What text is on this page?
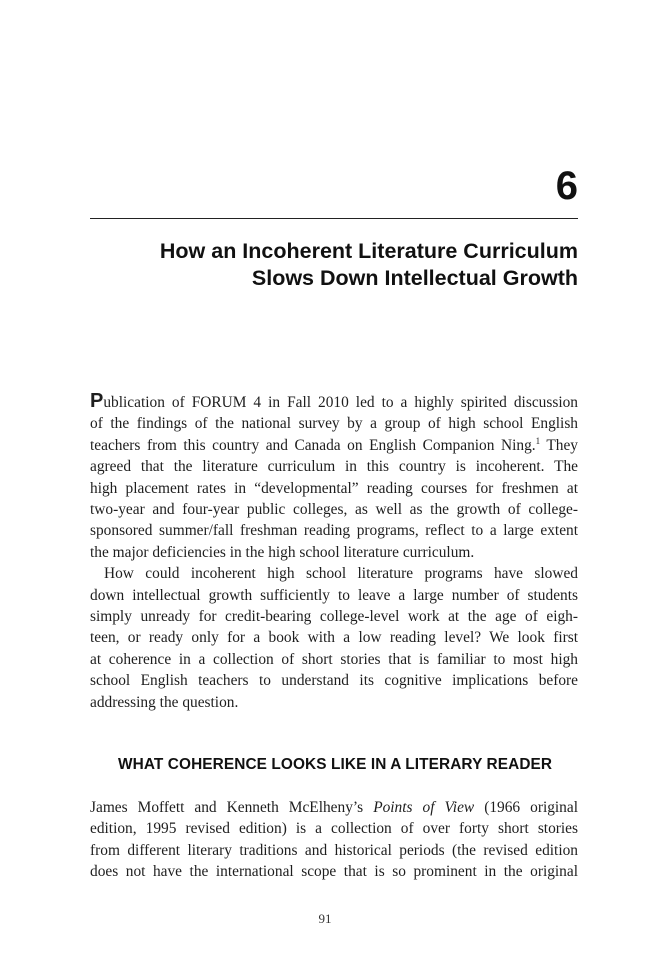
6
How an Incoherent Literature Curriculum
Slows Down Intellectual Growth

Publication of FORUM 4 in Fall 2010 led to a highly spirited discussion
of the findings of the national survey by a group of high school English
teachers from this country and Canada on English Companion Ning.$^1$ They
agreed that the literature curriculum in this country is incoherent. The
high placement rates in “developmental” reading courses for freshmen at
two-year and four-year public colleges, as well as the growth of college-
sponsored summer/fall freshman reading programs, reflect to a large extent
the major deficiencies in the high school literature curriculum.

How could incoherent high school literature programs have slowed
down intellectual growth sufficiently to leave a large number of students
simply unready for credit-bearing college-level work at the age of eigh-
teen, or ready only for a book with a low reading level? We look first
at coherence in a collection of short stories that is familiar to most high
school English teachers to understand its cognitive implications before
addressing the question.

WHAT COHERENCE LOOKS LIKE IN A LITERARY READER

James Moffett and Kenneth McElheny’s Points of View (1966 original
edition, 1995 revised edition) is a collection of over forty short stories
from different literary traditions and historical periods (the revised edition
does not have the international scope that is so prominent in the original

91
